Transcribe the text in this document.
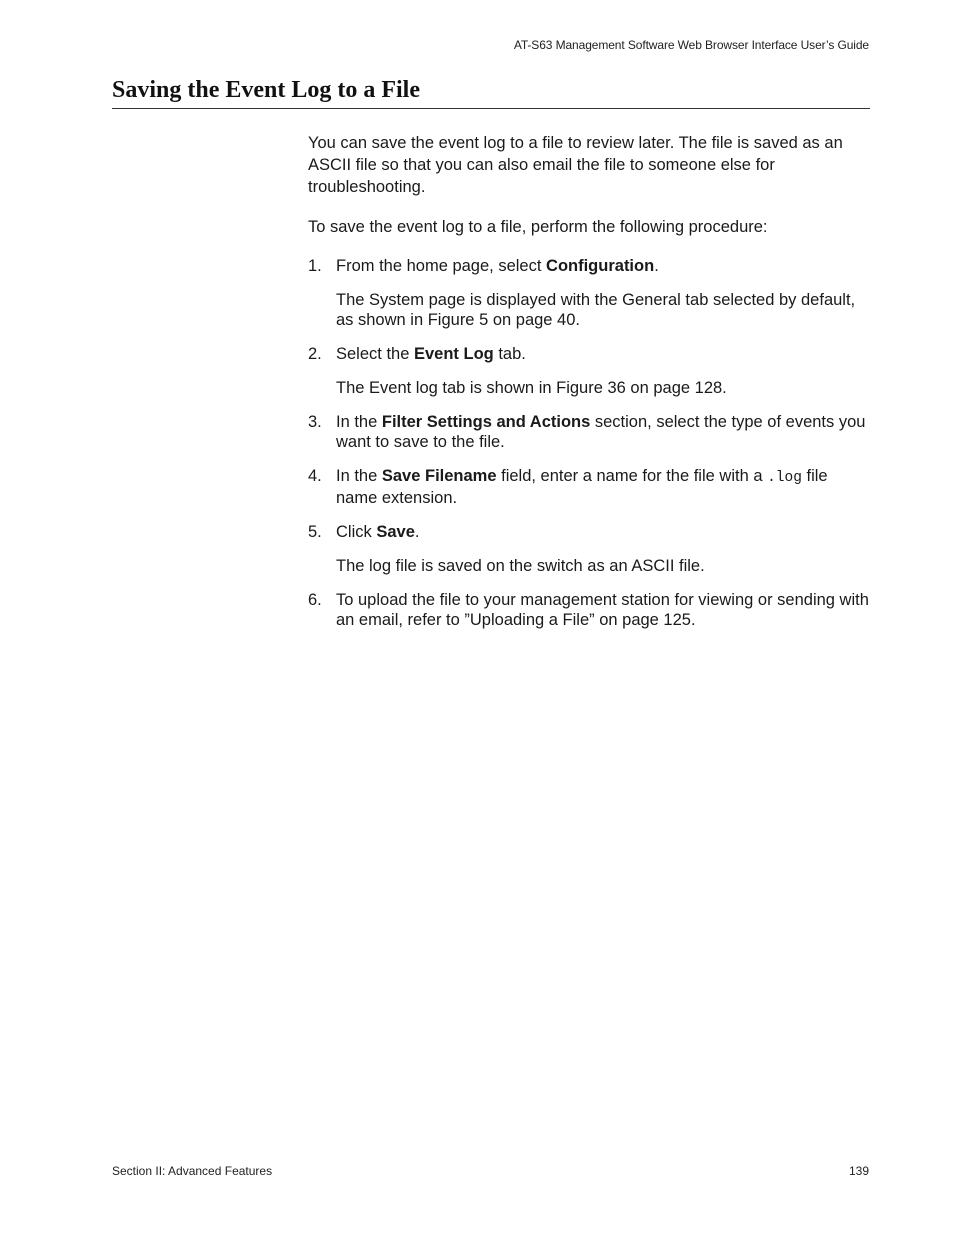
AT-S63 Management Software Web Browser Interface User’s Guide
Saving the Event Log to a File

You can save the event log to a file to review later. The file is saved as an ASCII file so that you can also email the file to someone else for troubleshooting.

To save the event log to a file, perform the following procedure:

1. From the home page, select Configuration.

The System page is displayed with the General tab selected by default, as shown in Figure 5 on page 40.

2. Select the Event Log tab.

The Event log tab is shown in Figure 36 on page 128.

3. In the Filter Settings and Actions section, select the type of events you want to save to the file.

4. In the Save Filename field, enter a name for the file with a .log file name extension.

5. Click Save.

The log file is saved on the switch as an ASCII file.

6. To upload the file to your management station for viewing or sending with an email, refer to ”Uploading a File” on page 125.

Section II: Advanced Features	139
